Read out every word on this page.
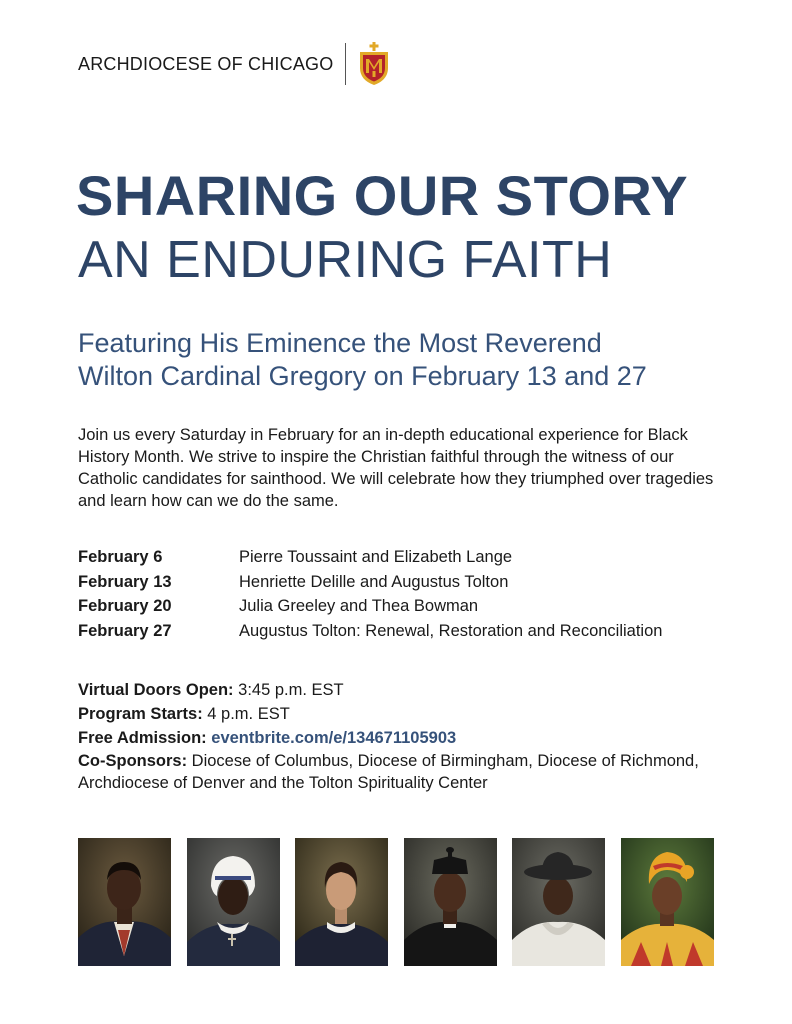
ARCHDIOCESE OF CHICAGO
SHARING OUR STORY
AN ENDURING FAITH

Featuring His Eminence the Most Reverend
Wilton Cardinal Gregory on February 13 and 27

Join us every Saturday in February for an in-depth educational experience for Black History Month. We strive to inspire the Christian faithful through the witness of our Catholic candidates for sainthood. We will celebrate how they triumphed over tragedies and learn how can we do the same.

February 6	Pierre Toussaint and Elizabeth Lange
February 13	Henriette Delille and Augustus Tolton
February 20	Julia Greeley and Thea Bowman
February 27	Augustus Tolton: Renewal, Restoration and Reconciliation

Virtual Doors Open: 3:45 p.m. EST

Program Starts: 4 p.m. EST

Free Admission: eventbrite.com/e/134671105903

Co-Sponsors: Diocese of Columbus, Diocese of Birmingham, Diocese of Richmond, Archdiocese of Denver and the Tolton Spirituality Center
